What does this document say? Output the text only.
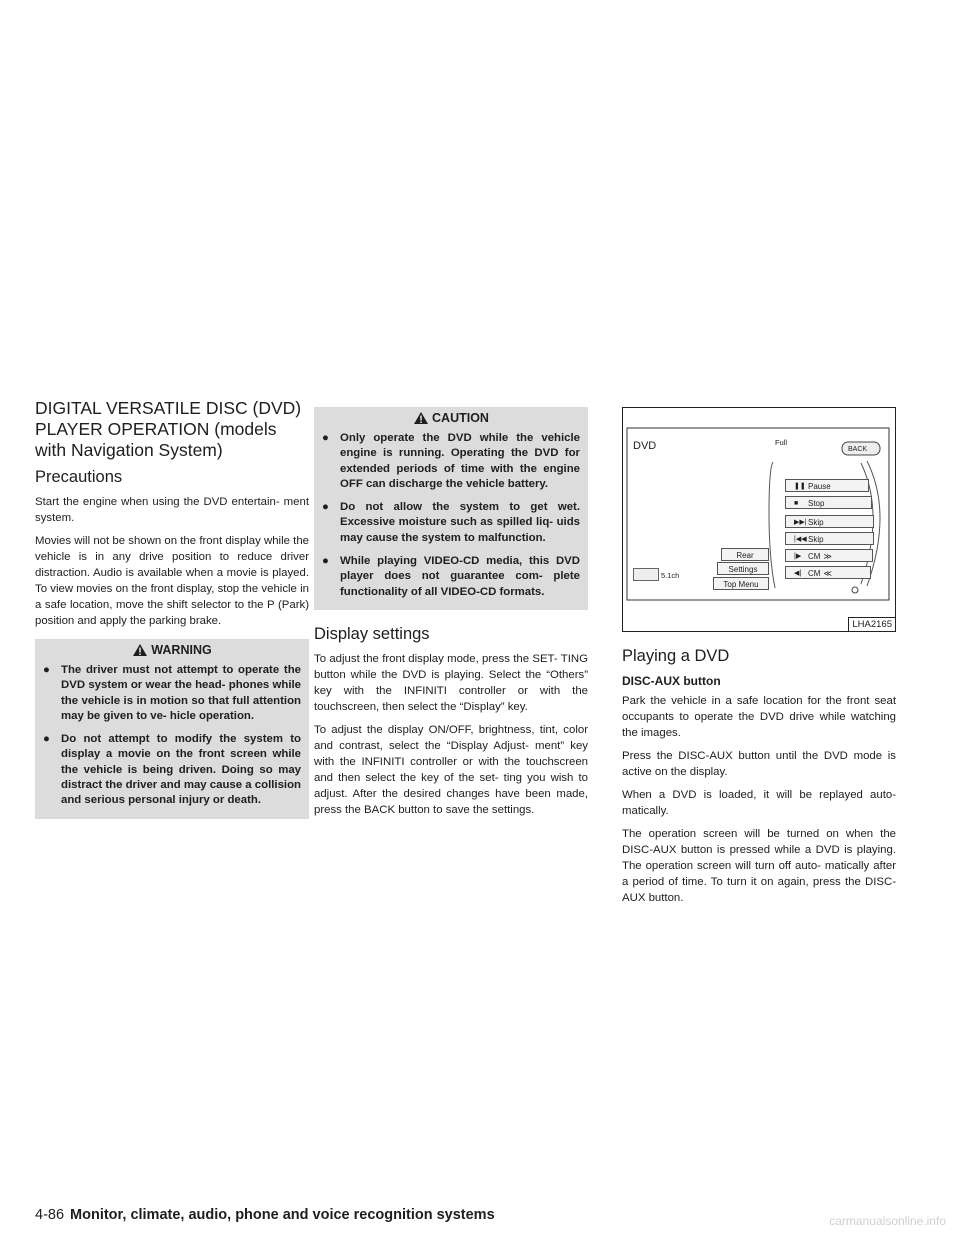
DIGITAL VERSATILE DISC (DVD) PLAYER OPERATION (models with Navigation System)
Precautions

Start the engine when using the DVD entertain- ment system.

Movies will not be shown on the front display while the vehicle is in any drive position to reduce driver distraction. Audio is available when a movie is played. To view movies on the front display, stop the vehicle in a safe location, move the shift selector to the P (Park) position and apply the parking brake.

WARNING
● The driver must not attempt to operate the DVD system or wear the head- phones while the vehicle is in motion so that full attention may be given to ve- hicle operation.
● Do not attempt to modify the system to display a movie on the front screen while the vehicle is being driven. Doing so may distract the driver and may cause a collision and serious personal injury or death.
CAUTION
● Only operate the DVD while the vehicle engine is running. Operating the DVD for extended periods of time with the engine OFF can discharge the vehicle battery.
● Do not allow the system to get wet. Excessive moisture such as spilled liq- uids may cause the system to malfunction.
● While playing VIDEO-CD media, this DVD player does not guarantee com- plete functionality of all VIDEO-CD formats.
Display settings

To adjust the front display mode, press the SET- TING button while the DVD is playing. Select the “Others” key with the INFINITI controller or with the touchscreen, then select the “Display” key.

To adjust the display ON/OFF, brightness, tint, color and contrast, select the “Display Adjust- ment” key with the INFINITI controller or with the touchscreen and then select the key of the set- ting you wish to adjust. After the desired changes have been made, press the BACK button to save the settings.

DVD	Full
BACK
❚❚ Pause
■ Stop
▶▶| Skip
|◀◀ Skip
|▶ CM ≫
◀| CM ≪
Rear
Settings
Top Menu
5.1ch
LHA2165
Playing a DVD
DISC-AUX button

Park the vehicle in a safe location for the front seat occupants to operate the DVD drive while watching the images.

Press the DISC-AUX button until the DVD mode is active on the display.

When a DVD is loaded, it will be replayed auto- matically.

The operation screen will be turned on when the DISC-AUX button is pressed while a DVD is playing. The operation screen will turn off auto- matically after a period of time. To turn it on again, press the DISC-AUX button.

4-86 Monitor, climate, audio, phone and voice recognition systems	carmanualsonline.info
